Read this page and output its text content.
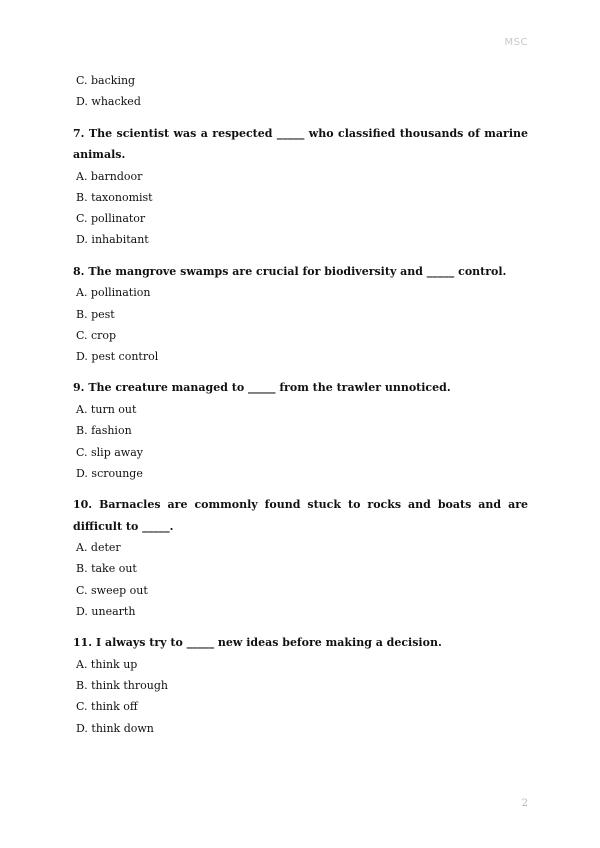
MSC
C. backing
D. whacked
7. The scientist was a respected _____ who classified thousands of marine animals.
A. barndoor
B. taxonomist
C. pollinator
D. inhabitant
8. The mangrove swamps are crucial for biodiversity and _____ control.
A. pollination
B. pest
C. crop
D. pest control
9. The creature managed to _____ from the trawler unnoticed.
A. turn out
B. fashion
C. slip away
D. scrounge
10. Barnacles are commonly found stuck to rocks and boats and are difficult to _____.
A. deter
B. take out
C. sweep out
D. unearth
11. I always try to _____ new ideas before making a decision.
A. think up
B. think through
C. think off
D. think down
2
